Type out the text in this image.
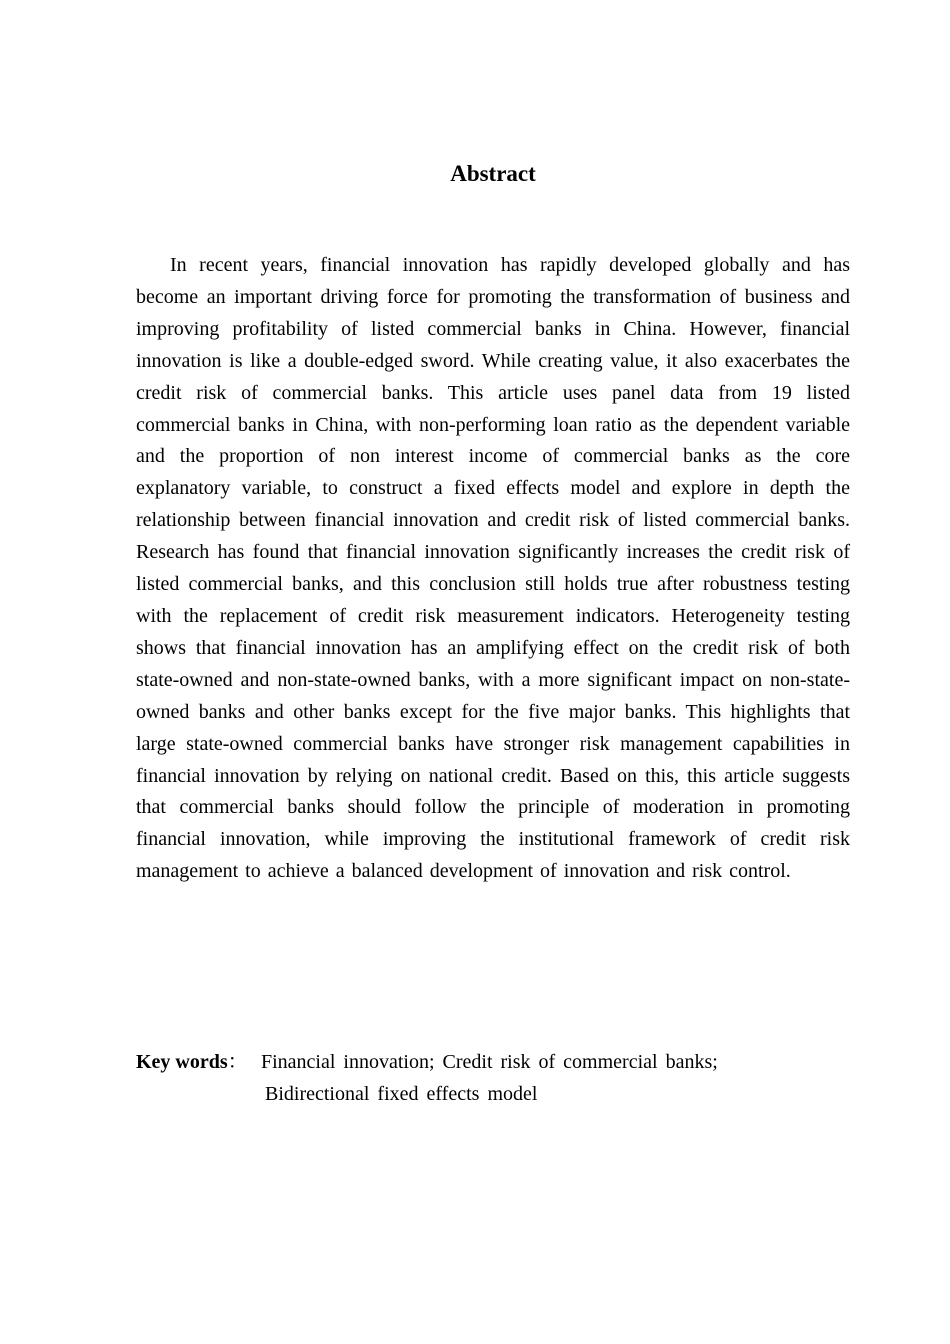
Abstract

In recent years, financial innovation has rapidly developed globally and has become an important driving force for promoting the transformation of business and improving profitability of listed commercial banks in China. However, financial innovation is like a double-edged sword. While creating value, it also exacerbates the credit risk of commercial banks. This article uses panel data from 19 listed commercial banks in China, with non-performing loan ratio as the dependent variable and the proportion of non interest income of commercial banks as the core explanatory variable, to construct a fixed effects model and explore in depth the relationship between financial innovation and credit risk of listed commercial banks. Research has found that financial innovation significantly increases the credit risk of listed commercial banks, and this conclusion still holds true after robustness testing with the replacement of credit risk measurement indicators. Heterogeneity testing shows that financial innovation has an amplifying effect on the credit risk of both state-owned and non-state-owned banks, with a more significant impact on non-state-owned banks and other banks except for the five major banks. This highlights that large state-owned commercial banks have stronger risk management capabilities in financial innovation by relying on national credit. Based on this, this article suggests that commercial banks should follow the principle of moderation in promoting financial innovation, while improving the institutional framework of credit risk management to achieve a balanced development of innovation and risk control.

Key words： Financial innovation; Credit risk of commercial banks;
Bidirectional fixed effects model
